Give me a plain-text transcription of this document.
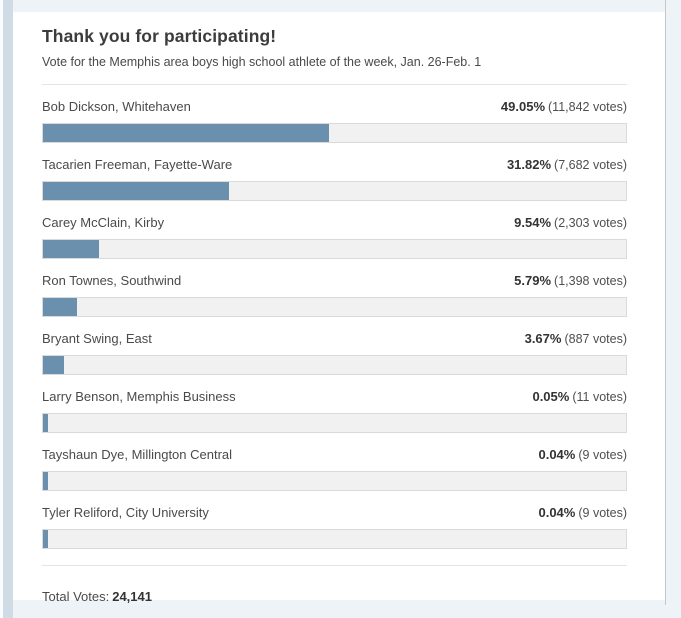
Thank you for participating!
Vote for the Memphis area boys high school athlete of the week, Jan. 26-Feb. 1
Bob Dickson, Whitehaven	49.05% (11,842 votes)
Tacarien Freeman, Fayette-Ware	31.82% (7,682 votes)
Carey McClain, Kirby	9.54% (2,303 votes)
Ron Townes, Southwind	5.79% (1,398 votes)
Bryant Swing, East	3.67% (887 votes)
Larry Benson, Memphis Business	0.05% (11 votes)
Tayshaun Dye, Millington Central	0.04% (9 votes)
Tyler Reliford, City University	0.04% (9 votes)
Total Votes: 24,141
